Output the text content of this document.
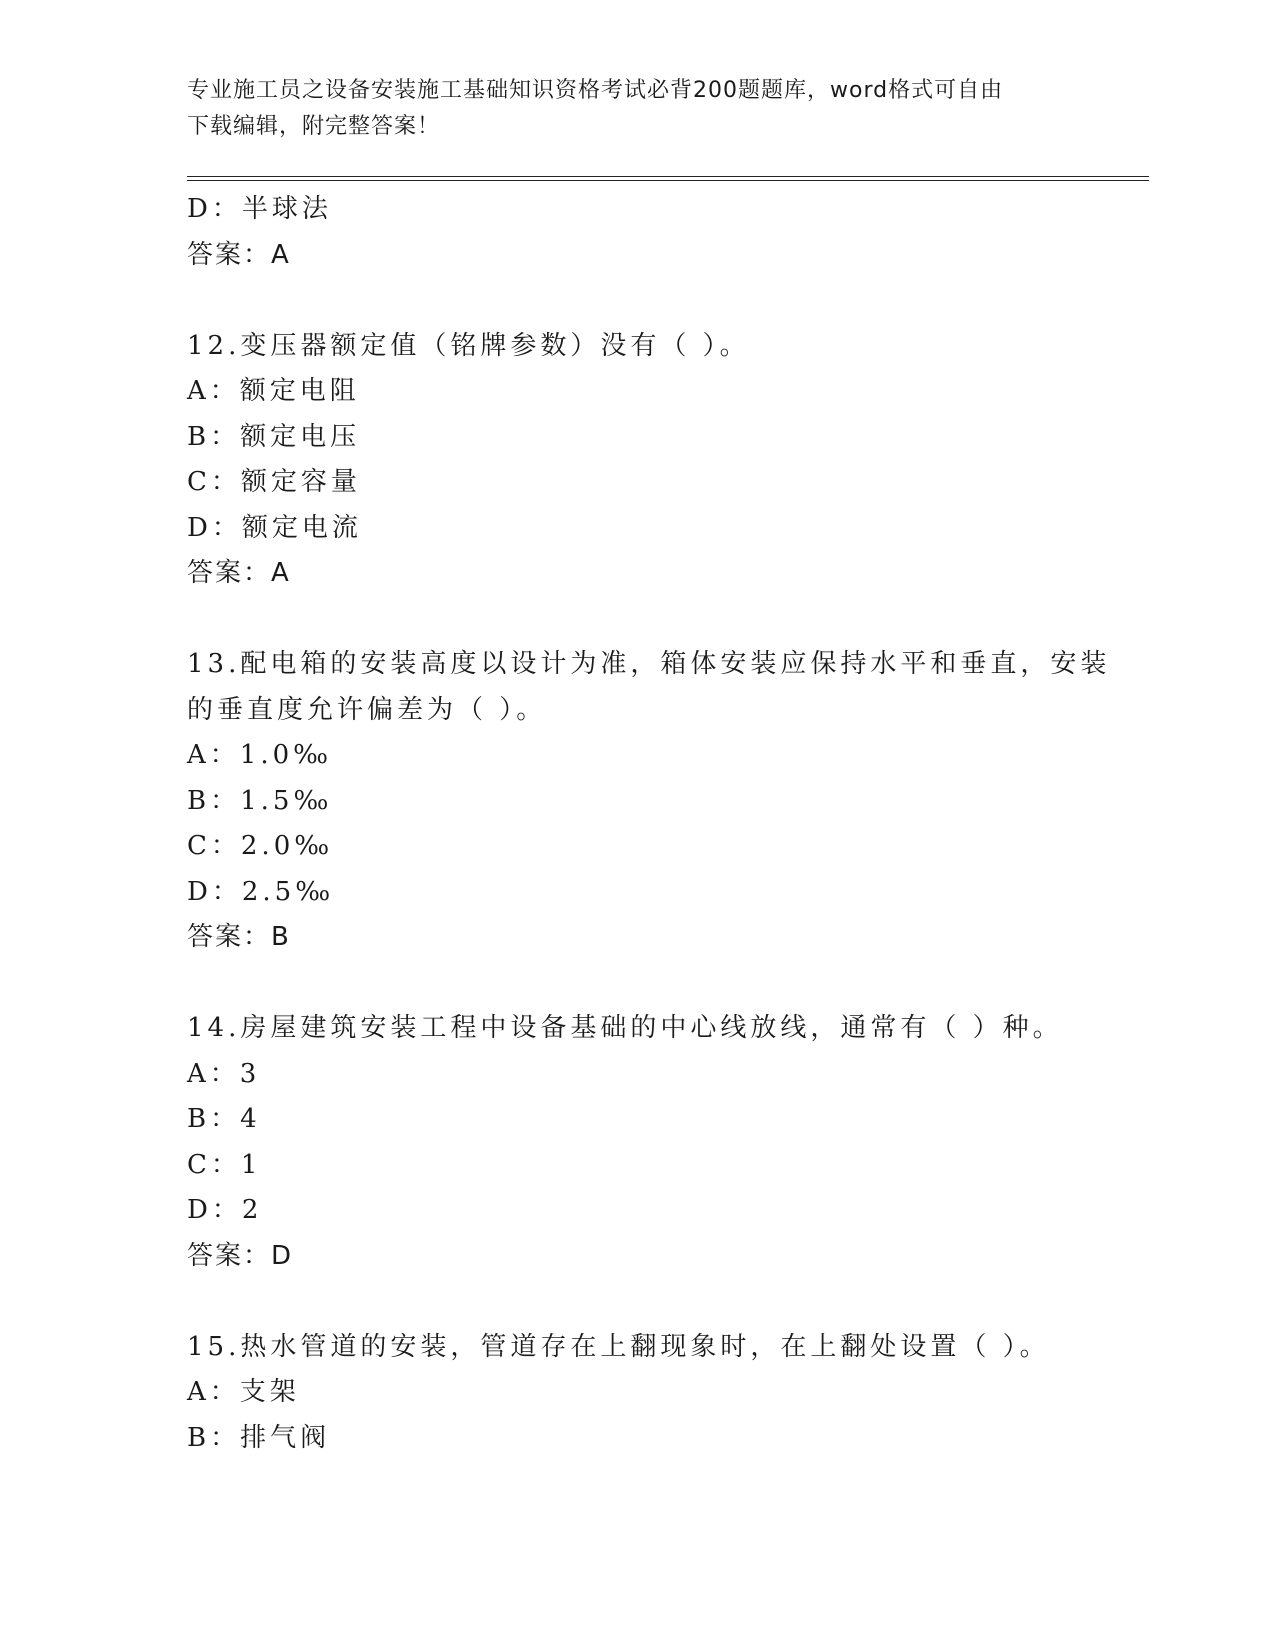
专业施工员之设备安装施工基础知识资格考试必背200题题库，word格式可自由
下载编辑，附完整答案！
D：半球法
答案：A
12.变压器额定值（铭牌参数）没有（ ）。
A：额定电阻
B：额定电压
C：额定容量
D：额定电流
答案：A
13.配电箱的安装高度以设计为准，箱体安装应保持水平和垂直，安装
的垂直度允许偏差为（ ）。
A：1.0‰
B：1.5‰
C：2.0‰
D：2.5‰
答案：B
14.房屋建筑安装工程中设备基础的中心线放线，通常有（ ）种。
A：3
B：4
C：1
D：2
答案：D
15.热水管道的安装，管道存在上翻现象时，在上翻处设置（ ）。
A：支架
B：排气阀
